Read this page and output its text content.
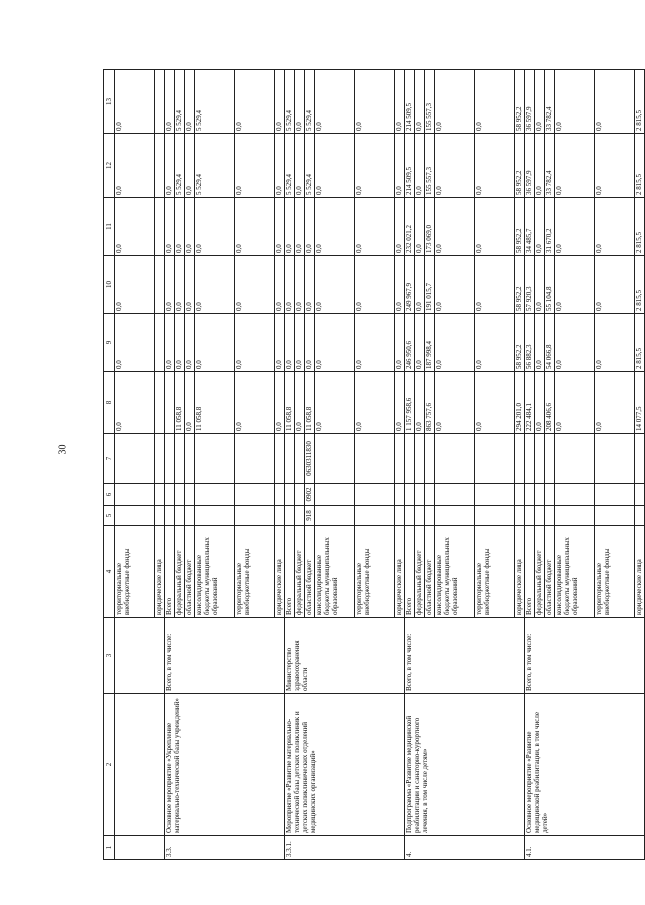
30
1	2	3	4	5	6	7	8	9	10	11	12	13
			территориальные внебюджетные фонды				0,0	0,0	0,0	0,0	0,0	0,0
			юридические лица									
3.3.	Основное мероприятие «Укрепление материально-технической базы учреждений»	Всего, в том числе:	Всего					0,0	0,0	0,0	0,0	0,0
			федеральный бюджет				11 058,8	0,0	0,0	0,0	5 529,4	5 529,4
			областной бюджет				0,0	0,0	0,0	0,0	0,0	0,0
			консолидированные бюджеты муниципальных образований				11 058,8	0,0	0,0	0,0	5 529,4	5 529,4
			территориальные внебюджетные фонды				0,0	0,0	0,0	0,0	0,0	0,0
			юридические лица				0,0	0,0	0,0	0,0	0,0	0,0
3.3.1.	Мероприятие «Развитие материально-технической базы детских поликлиник и детских поликлинических отделений медицинских организаций»	Министерство здравоохранения области	Всего				11 058,8	0,0	0,0	0,0	5 529,4	5 529,4
			федеральный бюджет				0,0	0,0	0,0	0,0	0,0	0,0
			областной бюджет	918	0902	0630311830	11 058,8	0,0	0,0	0,0	5 529,4	5 529,4
			консолидированные бюджеты муниципальных образований				0,0	0,0	0,0	0,0	0,0	0,0
			территориальные внебюджетные фонды				0,0	0,0	0,0	0,0	0,0	0,0
			юридические лица				0,0	0,0	0,0	0,0	0,0	0,0
4.	Подпрограмма «Развитие медицинской реабилитации и санаторно-курортного лечения, в том числе детям»	Всего, в том числе:	Всего				1 157 958,6	246 950,6	249 967,9	232 021,2	214 509,5	214 509,5
			федеральный бюджет				0,0	0,0	0,0	0,0	0,0	0,0
			областной бюджет				863 757,6	187 998,4	191 015,7	173 069,0	155 557,3	155 557,3
			консолидированные бюджеты муниципальных образований				0,0	0,0	0,0	0,0	0,0	0,0
			территориальные внебюджетные фонды				0,0	0,0	0,0	0,0	0,0	0,0
			юридические лица				294 201,0	58 952,2	58 952,2	58 952,2	58 952,2	58 952,2
4.1.	Основное мероприятие «Развитие медицинской реабилитации, в том числе детей»	Всего, в том числе:	Всего				222 484,1	56 882,3	57 920,3	34 485,7	36 597,9	36 597,9
			федеральный бюджет				0,0	0,0	0,0	0,0	0,0	0,0
			областной бюджет				208 406,6	54 066,8	55 104,8	31 670,2	33 782,4	33 782,4
			консолидированные бюджеты муниципальных образований				0,0	0,0	0,0	0,0	0,0	0,0
			территориальные внебюджетные фонды				0,0	0,0	0,0	0,0	0,0	0,0
			юридические лица				14 077,5	2 815,5	2 815,5	2 815,5	2 815,5	2 815,5
